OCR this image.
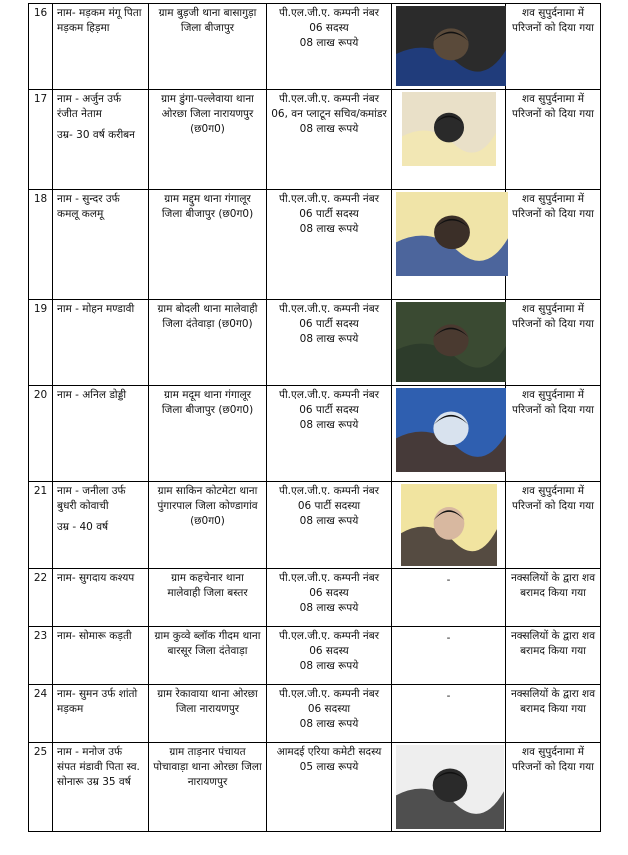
16	नाम- मड़कम मंगू पिता मड़कम हिड़मा	ग्राम बुड़जी थाना बासागुड़ा जिला बीजापुर	पी.एल.जी.ए. कम्पनी नंबर 06 सदस्य
08 लाख रूपये		शव सुपुर्दनामा में परिजनों को दिया गया
17	नाम - अर्जुन उर्फ रंजीत नेताम
उम्र- 30 वर्ष करीबन	ग्राम डुंगा-पल्लेवाया थाना ओरछा जिला नारायणपुर (छ0ग0)	पी.एल.जी.ए. कम्पनी नंबर 06, वन प्लाटून सचिव/कमांडर
08 लाख रूपये		शव सुपुर्दनामा में परिजनों को दिया गया
18	नाम - सुन्दर उर्फ कमलू कलमू	ग्राम मद्दुम थाना गंगालूर जिला बीजापुर (छ0ग0)	पी.एल.जी.ए. कम्पनी नंबर 06 पार्टी सदस्य
08 लाख रूपये		शव सुपुर्दनामा में परिजनों को दिया गया
19	नाम - मोहन मण्डावी	ग्राम बोदली थाना मालेवाही जिला दंतेवाड़ा (छ0ग0)	पी.एल.जी.ए. कम्पनी नंबर 06 पार्टी सदस्य
08 लाख रूपये		शव सुपुर्दनामा में परिजनों को दिया गया
20	नाम - अनिल डोड्डी	ग्राम मदूम थाना गंगालूर जिला बीजापुर (छ0ग0)	पी.एल.जी.ए. कम्पनी नंबर 06 पार्टी सदस्य
08 लाख रूपये		शव सुपुर्दनामा में परिजनों को दिया गया
21	नाम - जनीला उर्फ बुधरी कोवाची
उम्र - 40 वर्ष	ग्राम साकिन कोटमेटा थाना पुंगारपाल जिला कोण्डागांव (छ0ग0)	पी.एल.जी.ए. कम्पनी नंबर 06 पार्टी सदस्या
08 लाख रूपये		शव सुपुर्दनामा में परिजनों को दिया गया
22	नाम- सुगदाय कश्यप	ग्राम कहचेनार थाना मालेवाही जिला बस्तर	पी.एल.जी.ए. कम्पनी नंबर 06 सदस्य
08 लाख रूपये	-	नक्सलियों के द्वारा शव बरामद किया गया
23	नाम- सोमारू कड़ती	ग्राम कुव्वे ब्लॉक गीदम थाना बारसूर जिला दंतेवाड़ा	पी.एल.जी.ए. कम्पनी नंबर 06 सदस्य
08 लाख रूपये	-	नक्सलियों के द्वारा शव बरामद किया गया
24	नाम- सुमन उर्फ शांतो मड़कम	ग्राम रेकावाया थाना ओरछा जिला नारायणपुर	पी.एल.जी.ए. कम्पनी नंबर 06 सदस्या
08 लाख रूपये	-	नक्सलियों के द्वारा शव बरामद किया गया
25	नाम - मनोज उर्फ संपत मंडावी पिता स्व. सोनारू उम्र 35 वर्ष	ग्राम ताड़नार पंचायत पोचावाड़ा थाना ओरछा जिला नारायणपुर	आमदई एरिया कमेटी सदस्य
05 लाख रूपये		शव सुपुर्दनामा में परिजनों को दिया गया
